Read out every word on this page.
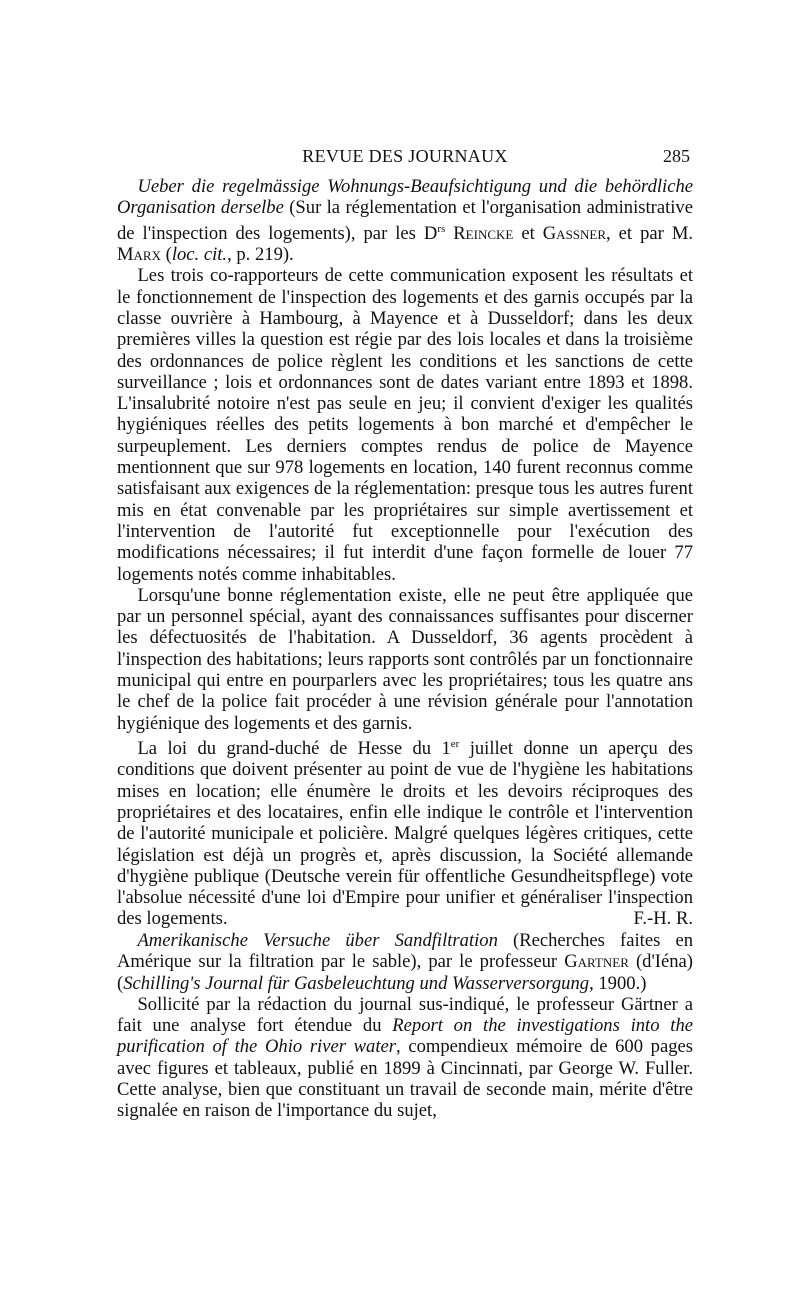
REVUE DES JOURNAUX	285

Ueber die regelmässige Wohnungs-Beaufsichtigung und die behördliche Organisation derselbe (Sur la réglementation et l'organisation administrative de l'inspection des logements), par les $D^{rs}$ Reincke et Gassner, et par M. Marx (loc. cit., p. 219).

Les trois co-rapporteurs de cette communication exposent les résultats et le fonctionnement de l'inspection des logements et des garnis occupés par la classe ouvrière à Hambourg, à Mayence et à Dusseldorf; dans les deux premières villes la question est régie par des lois locales et dans la troisième des ordonnances de police règlent les conditions et les sanctions de cette surveillance ; lois et ordonnances sont de dates variant entre 1893 et 1898. L'insalubrité notoire n'est pas seule en jeu; il convient d'exiger les qualités hygiéniques réelles des petits logements à bon marché et d'empêcher le surpeuplement. Les derniers comptes rendus de police de Mayence mentionnent que sur 978 logements en location, 140 furent reconnus comme satisfaisant aux exigences de la réglementation: presque tous les autres furent mis en état convenable par les propriétaires sur simple avertissement et l'intervention de l'autorité fut exceptionnelle pour l'exécution des modifications nécessaires; il fut interdit d'une façon formelle de louer 77 logements notés comme inhabitables.

Lorsqu'une bonne réglementation existe, elle ne peut être appliquée que par un personnel spécial, ayant des connaissances suffisantes pour discerner les défectuosités de l'habitation. A Dusseldorf, 36 agents procèdent à l'inspection des habitations; leurs rapports sont contrôlés par un fonctionnaire municipal qui entre en pourparlers avec les propriétaires; tous les quatre ans le chef de la police fait procéder à une révision générale pour l'annotation hygiénique des logements et des garnis.

La loi du grand-duché de Hesse du 1er juillet donne un aperçu des conditions que doivent présenter au point de vue de l'hygiène les habitations mises en location; elle énumère le droits et les devoirs réciproques des propriétaires et des locataires, enfin elle indique le contrôle et l'intervention de l'autorité municipale et policière. Malgré quelques légères critiques, cette législation est déjà un progrès et, après discussion, la Société allemande d'hygiène publique (Deutsche verein für offentliche Gesundheitspflege) vote l'absolue nécessité d'une loi d'Empire pour unifier et généraliser l'inspection des logements.	F.-H. R.

Amerikanische Versuche über Sandfiltration (Recherches faites en Amérique sur la filtration par le sable), par le professeur Gartner (d'Iéna) (Schilling's Journal für Gasbeleuchtung und Wasserversorgung, 1900.)

Sollicité par la rédaction du journal sus-indiqué, le professeur Gärtner a fait une analyse fort étendue du Report on the investigations into the purification of the Ohio river water, compendieux mémoire de 600 pages avec figures et tableaux, publié en 1899 à Cincinnati, par George W. Fuller. Cette analyse, bien que constituant un travail de seconde main, mérite d'être signalée en raison de l'importance du sujet,
